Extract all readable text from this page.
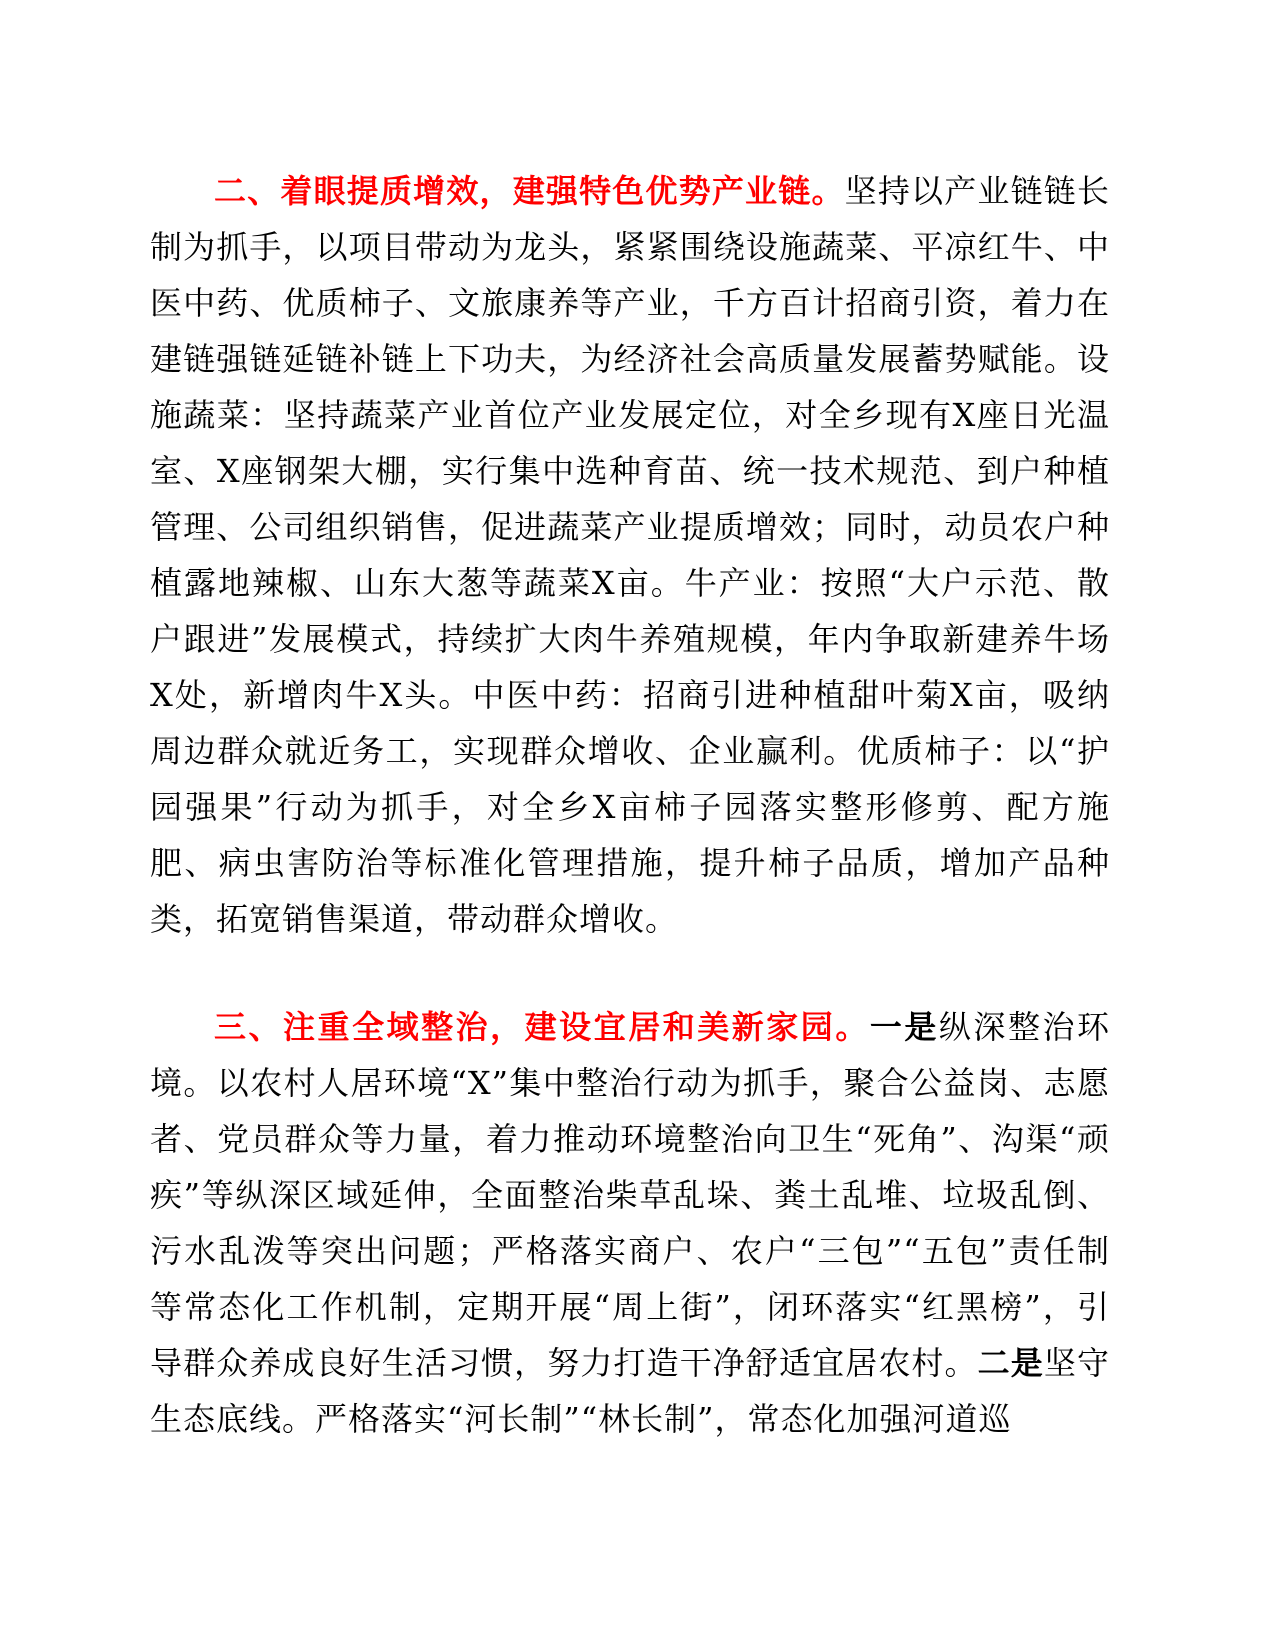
二、着眼提质增效，建强特色优势产业链。坚持以产业链链长制为抓手，以项目带动为龙头，紧紧围绕设施蔬菜、平凉红牛、中医中药、优质柿子、文旅康养等产业，千方百计招商引资，着力在建链强链延链补链上下功夫，为经济社会高质量发展蓄势赋能。设施蔬菜：坚持蔬菜产业首位产业发展定位，对全乡现有X座日光温室、X座钢架大棚，实行集中选种育苗、统一技术规范、到户种植管理、公司组织销售，促进蔬菜产业提质增效；同时，动员农户种植露地辣椒、山东大葱等蔬菜X亩。牛产业：按照“大户示范、散户跟进”发展模式，持续扩大肉牛养殖规模，年内争取新建养牛场X处，新增肉牛X头。中医中药：招商引进种植甜叶菊X亩，吸纳周边群众就近务工，实现群众增收、企业赢利。优质柿子：以“护园强果”行动为抓手，对全乡X亩柿子园落实整形修剪、配方施肥、病虫害防治等标准化管理措施，提升柿子品质，增加产品种类，拓宽销售渠道，带动群众增收。

三、注重全域整治，建设宜居和美新家园。一是纵深整治环境。以农村人居环境“X”集中整治行动为抓手，聚合公益岗、志愿者、党员群众等力量，着力推动环境整治向卫生“死角”、沟渠“顽疾”等纵深区域延伸，全面整治柴草乱垛、粪土乱堆、垃圾乱倒、污水乱泼等突出问题；严格落实商户、农户“三包”“五包”责任制等常态化工作机制，定期开展“周上街”，闭环落实“红黑榜”，引导群众养成良好生活习惯，努力打造干净舒适宜居农村。二是坚守生态底线。严格落实“河长制”“林长制”，常态化加强河道巡
